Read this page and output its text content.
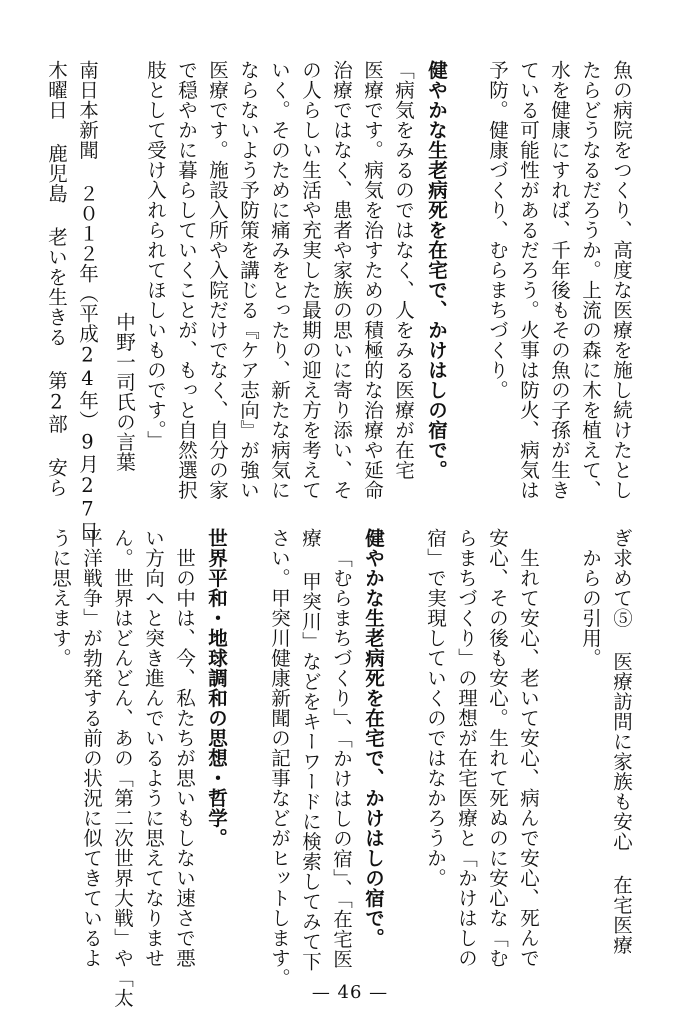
魚の病院をつくり、高度な医療を施し続けたとし
たらどうなるだろうか。上流の森に木を植えて、
水を健康にすれば、千年後もその魚の子孫が生き
ている可能性があるだろう。火事は防火、病気は
予防。健康づくり、むらまちづくり。
健やかな生老病死を在宅で、かけはしの宿で。
「病気をみるのではなく、人をみる医療が在宅
医療です。病気を治すための積極的な治療や延命
治療ではなく、患者や家族の思いに寄り添い、そ
の人らしい生活や充実した最期の迎え方を考えて
いく。そのために痛みをとったり、新たな病気に
ならないよう予防策を講じる『ケア志向』が強い
医療です。施設入所や入院だけでなく、自分の家
で穏やかに暮らしていくことが、もっと自然選択
肢として受け入れられてほしいものです。」
中野一司氏の言葉
南日本新聞 ２０１２年（平成24年）9月27日
木曜日 鹿児島 老いを生きる 第2部 安ら
ぎ求めて⑤ 医療訪問に家族も安心 在宅医療
からの引用。
生れて安心、老いて安心、病んで安心、死んで
安心、その後も安心。生れて死ぬのに安心な「む
らまちづくり」の理想が在宅医療と「かけはしの
宿」で実現していくのではなかろうか。
健やかな生老病死を在宅で、かけはしの宿で。
「むらまちづくり」、「かけはしの宿」、「在宅医
療 甲突川」などをキーワードに検索してみて下
さい。甲突川健康新聞の記事などがヒットします。
世界平和・地球調和の思想・哲学。
世の中は、今、私たちが思いもしない速さで悪
い方向へと突き進んでいるように思えてなりませ
ん。世界はどんどん、あの「第二次世界大戦」や「太
平洋戦争」が勃発する前の状況に似てきているよ
うに思えます。
— 46 —
